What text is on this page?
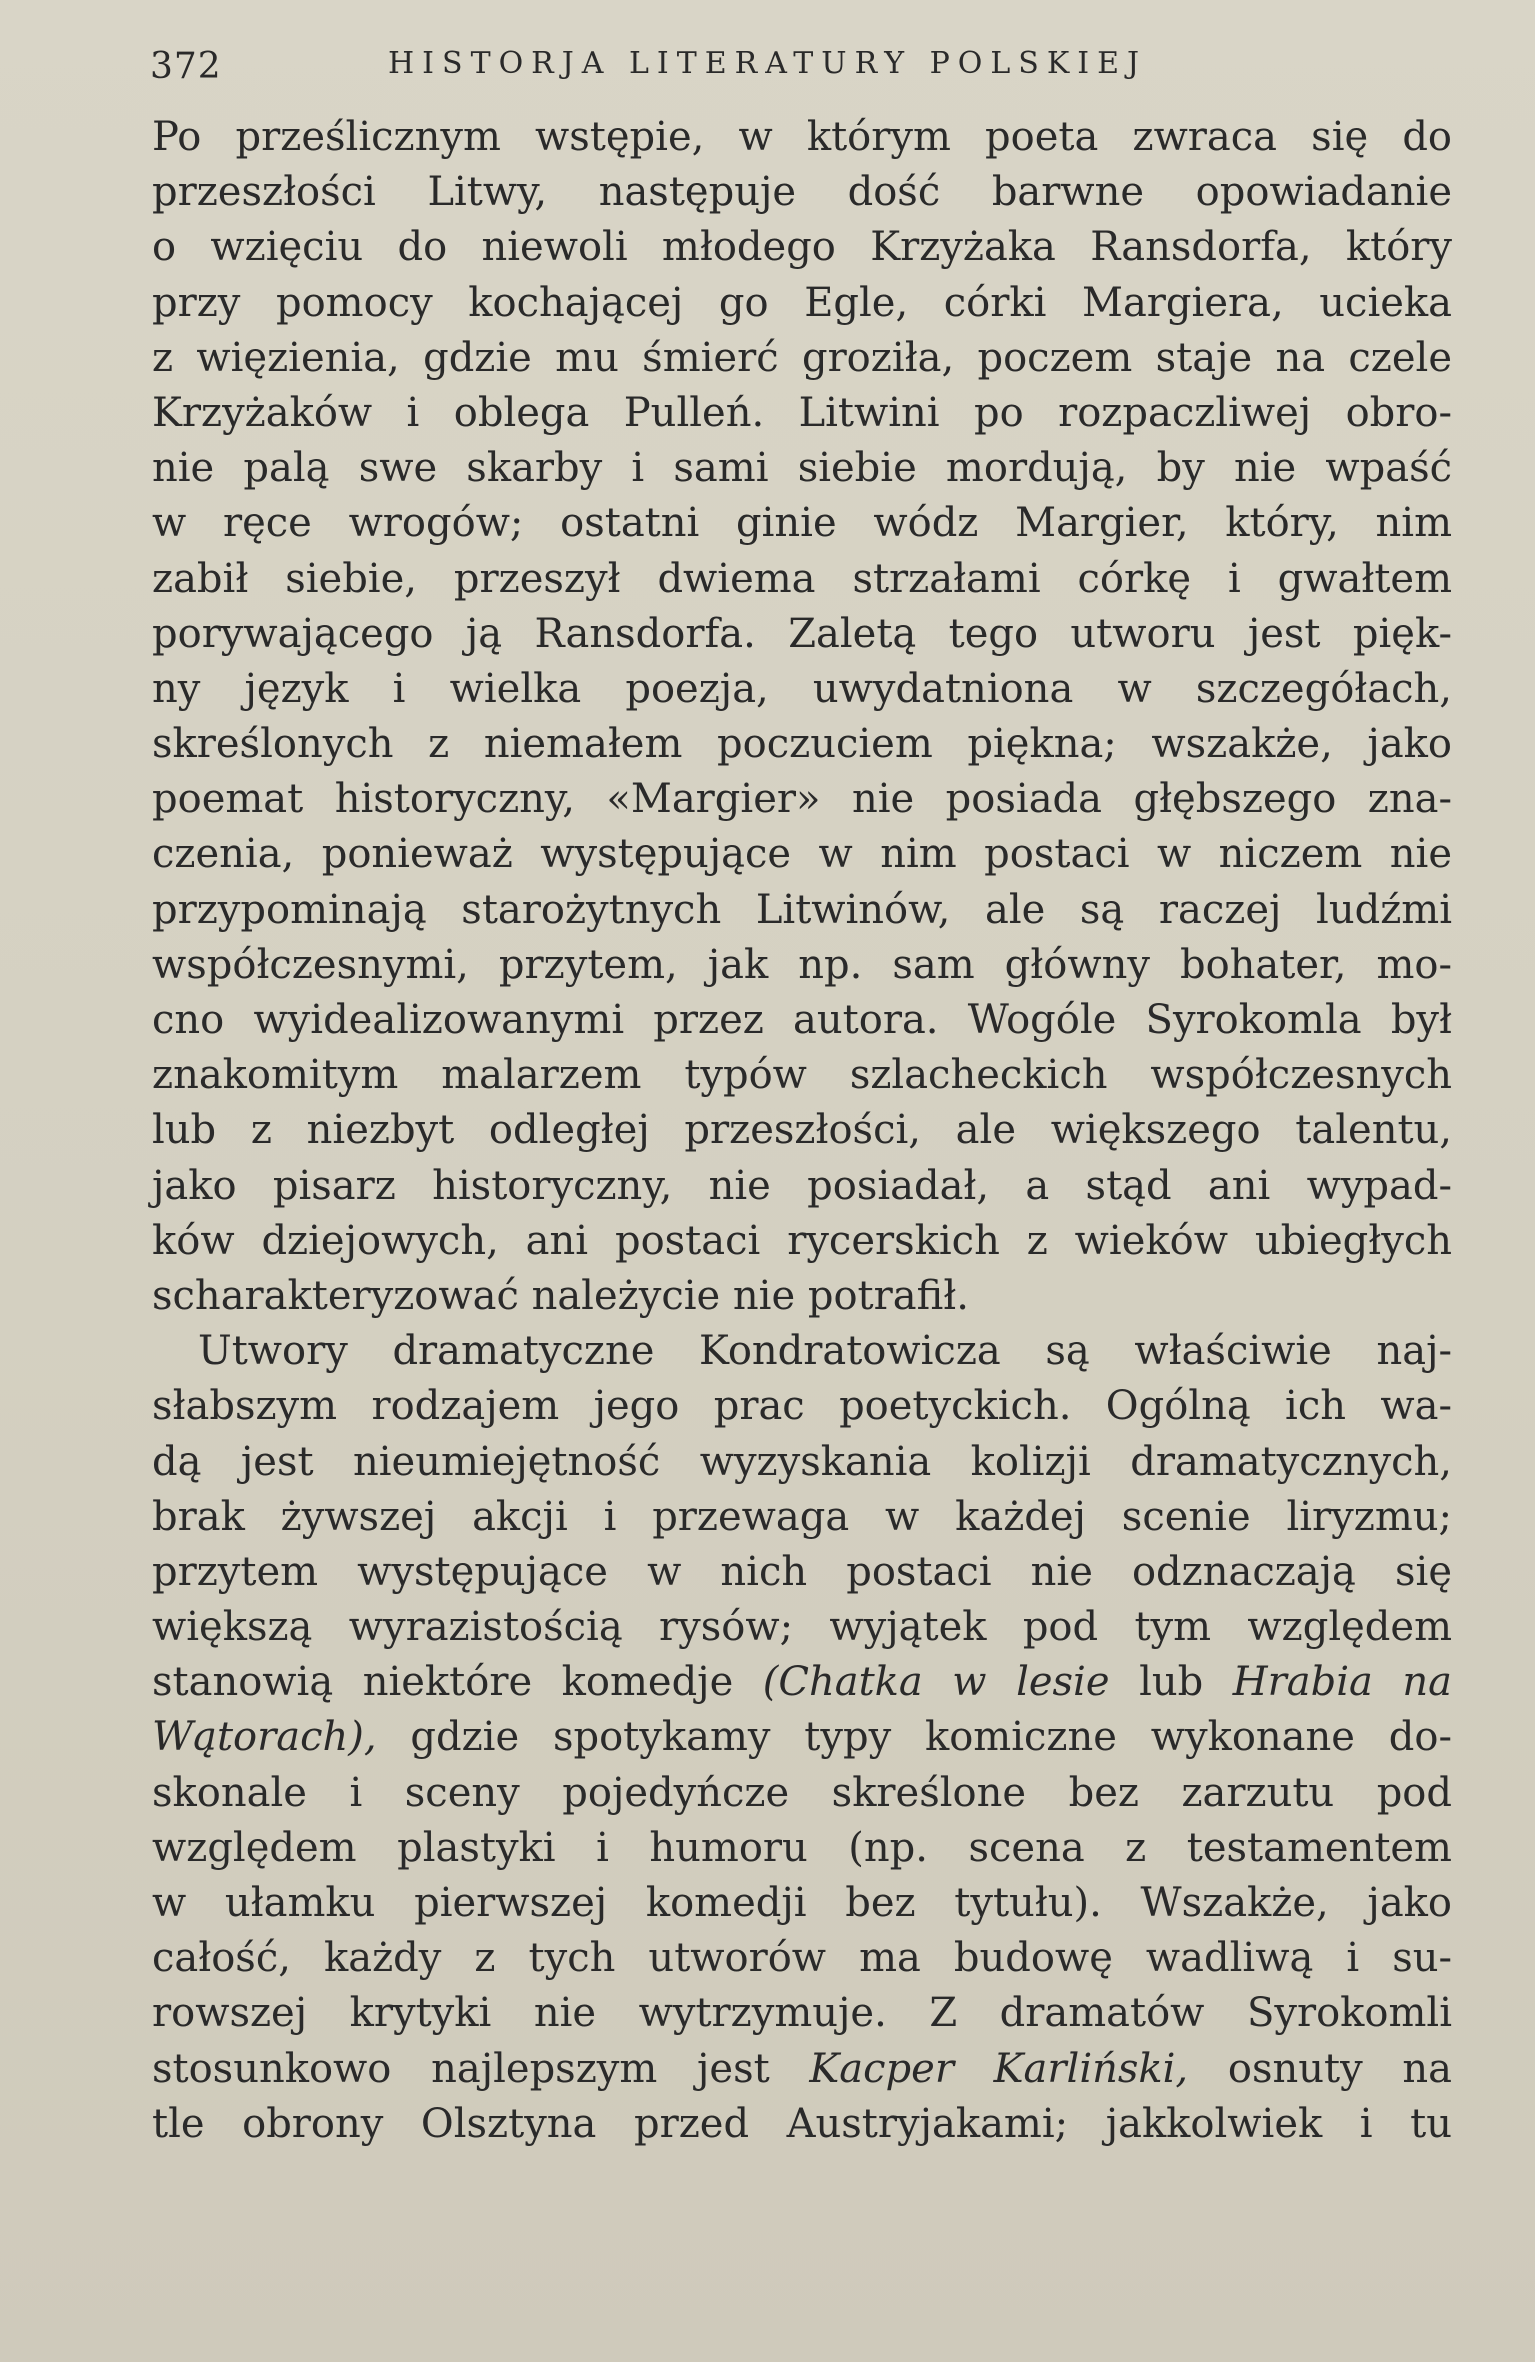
372	HISTORJA LITERATURY POLSKIEJ
Po prześlicznym wstępie, w którym poeta zwraca się do
przeszłości Litwy, następuje dość barwne opowiadanie
o wzięciu do niewoli młodego Krzyżaka Ransdorfa, który
przy pomocy kochającej go Egle, córki Margiera, ucieka
z więzienia, gdzie mu śmierć groziła, poczem staje na czele
Krzyżaków i oblega Pulleń. Litwini po rozpaczliwej obro-
nie palą swe skarby i sami siebie mordują, by nie wpaść
w ręce wrogów; ostatni ginie wódz Margier, który, nim
zabił siebie, przeszył dwiema strzałami córkę i gwałtem
porywającego ją Ransdorfa. Zaletą tego utworu jest pięk-
ny język i wielka poezja, uwydatniona w szczegółach,
skreślonych z niemałem poczuciem piękna; wszakże, jako
poemat historyczny, «Margier» nie posiada głębszego zna-
czenia, ponieważ występujące w nim postaci w niczem nie
przypominają starożytnych Litwinów, ale są raczej ludźmi
współczesnymi, przytem, jak np. sam główny bohater, mo-
cno wyidealizowanymi przez autora. Wogóle Syrokomla był
znakomitym malarzem typów szlacheckich współczesnych
lub z niezbyt odległej przeszłości, ale większego talentu,
jako pisarz historyczny, nie posiadał, a stąd ani wypad-
ków dziejowych, ani postaci rycerskich z wieków ubiegłych
scharakteryzować należycie nie potrafił.
Utwory dramatyczne Kondratowicza są właściwie naj-
słabszym rodzajem jego prac poetyckich. Ogólną ich wa-
dą jest nieumiejętność wyzyskania kolizji dramatycznych,
brak żywszej akcji i przewaga w każdej scenie liryzmu;
przytem występujące w nich postaci nie odznaczają się
większą wyrazistością rysów; wyjątek pod tym względem
stanowią niektóre komedje (Chatka w lesie lub Hrabia na
Wątorach), gdzie spotykamy typy komiczne wykonane do-
skonale i sceny pojedyńcze skreślone bez zarzutu pod
względem plastyki i humoru (np. scena z testamentem
w ułamku pierwszej komedji bez tytułu). Wszakże, jako
całość, każdy z tych utworów ma budowę wadliwą i su-
rowszej krytyki nie wytrzymuje. Z dramatów Syrokomli
stosunkowo najlepszym jest Kacper Karliński, osnuty na
tle obrony Olsztyna przed Austryjakami; jakkolwiek i tu
